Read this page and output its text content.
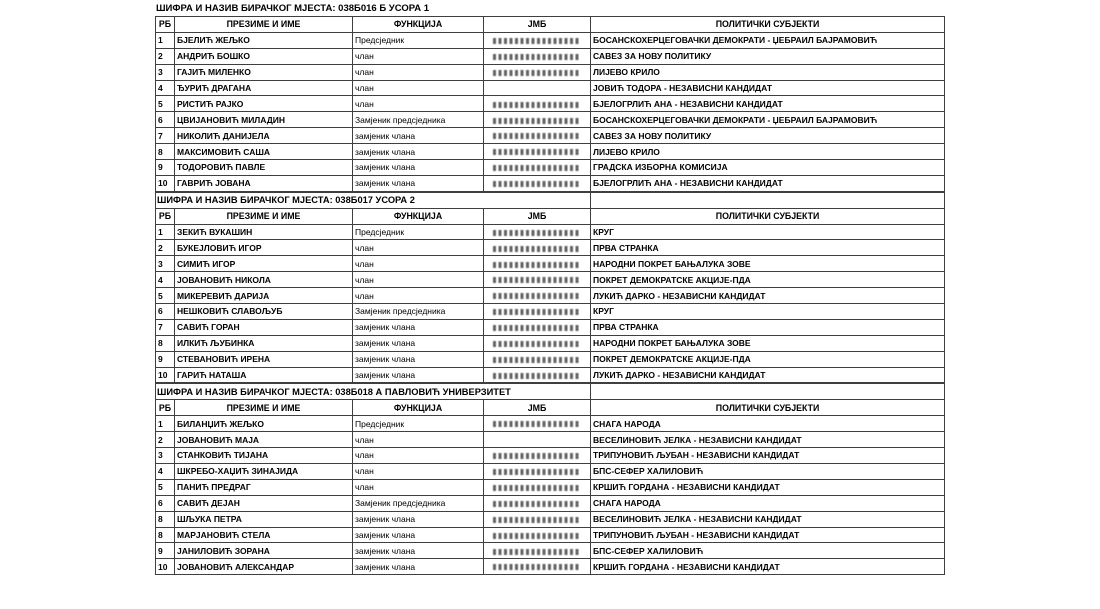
ШИФРА И НАЗИВ БИРАЧКОГ МЈЕСТА: 038Б016 Б УСОРА 1
РБ	ПРЕЗИМЕ И ИМЕ	ФУНКЦИЈА	ЈМБ	ПОЛИТИЧКИ СУБЈЕКТИ
1	БЈЕЛИЋ ЖЕЉКО	Предсједник		БОСАНСКОХЕРЦЕГОВАЧКИ ДЕМОКРАТИ - ЏЕБРАИЛ БАЈРАМОВИЋ
2	АНДРИЋ БОШКО	члан		САВЕЗ ЗА НОВУ ПОЛИТИКУ
3	ГАЈИЋ МИЛЕНКО	члан		ЛИЈЕВО КРИЛО
4	ЂУРИЋ ДРАГАНА	члан		ЈОВИЋ ТОДОРА - НЕЗАВИСНИ КАНДИДАТ
5	РИСТИЋ РАЈКО	члан		БЈЕЛОГРЛИЋ АНА - НЕЗАВИСНИ КАНДИДАТ
6	ЦВИЈАНОВИЋ МИЛАДИН	Замјеник предсједника		БОСАНСКОХЕРЦЕГОВАЧКИ ДЕМОКРАТИ - ЏЕБРАИЛ БАЈРАМОВИЋ
7	НИКОЛИЋ ДАНИЈЕЛА	замјеник члана		САВЕЗ ЗА НОВУ ПОЛИТИКУ
8	МАКСИМОВИЋ САША	замјеник члана		ЛИЈЕВО КРИЛО
9	ТОДОРОВИЋ ПАВЛЕ	замјеник члана		ГРАДСКА ИЗБОРНА КОМИСИЈА
10	ГАВРИЋ ЈОВАНА	замјеник члана		БЈЕЛОГРЛИЋ АНА - НЕЗАВИСНИ КАНДИДАТ
ШИФРА И НАЗИВ БИРАЧКОГ МЈЕСТА: 038Б017 УСОРА 2				
РБ	ПРЕЗИМЕ И ИМЕ	ФУНКЦИЈА	ЈМБ	ПОЛИТИЧКИ СУБЈЕКТИ
1	ЗЕКИЋ ВУКАШИН	Предсједник		КРУГ
2	БУКЕЈЛОВИЋ ИГОР	члан		ПРВА СТРАНКА
3	СИМИЋ ИГОР	члан		НАРОДНИ ПОКРЕТ БАЊАЛУКА ЗОВЕ
4	ЈОВАНОВИЋ НИКОЛА	члан		ПОКРЕТ ДЕМОКРАТСКЕ АКЦИЈЕ-ПДА
5	МИКЕРЕВИЋ ДАРИЈА	члан		ЛУКИЋ ДАРКО - НЕЗАВИСНИ КАНДИДАТ
6	НЕШКОВИЋ СЛАВОЉУБ	Замјеник предсједника		КРУГ
7	САВИЋ ГОРАН	замјеник члана		ПРВА СТРАНКА
8	ИЛКИЋ ЉУБИНКА	замјеник члана		НАРОДНИ ПОКРЕТ БАЊАЛУКА ЗОВЕ
9	СТЕВАНОВИЋ ИРЕНА	замјеник члана		ПОКРЕТ ДЕМОКРАТСКЕ АКЦИЈЕ-ПДА
10	ГАРИЋ НАТАША	замјеник члана		ЛУКИЋ ДАРКО - НЕЗАВИСНИ КАНДИДАТ
ШИФРА И НАЗИВ БИРАЧКОГ МЈЕСТА: 038Б018 А ПАВЛОВИЋ УНИВЕРЗИТЕТ				
РБ	ПРЕЗИМЕ И ИМЕ	ФУНКЦИЈА	ЈМБ	ПОЛИТИЧКИ СУБЈЕКТИ
1	БИЛАНЏИЋ ЖЕЉКО	Предсједник		СНАГА НАРОДА
2	ЈОВАНОВИЋ МАЈА	члан		ВЕСЕЛИНОВИЋ ЈЕЛКА - НЕЗАВИСНИ КАНДИДАТ
3	СТАНКОВИЋ ТИЈАНА	члан		ТРИПУНОВИЋ ЉУБАН - НЕЗАВИСНИ КАНДИДАТ
4	ШКРЕБО-ХАЏИЋ ЗИНАЈИДА	члан		БПС-СЕФЕР ХАЛИЛОВИЋ
5	ПАНИЋ ПРЕДРАГ	члан		КРШИЋ ГОРДАНА - НЕЗАВИСНИ КАНДИДАТ
6	САВИЋ ДЕЈАН	Замјеник предсједника		СНАГА НАРОДА
8	ШЉУКА ПЕТРА	замјеник члана		ВЕСЕЛИНОВИЋ ЈЕЛКА - НЕЗАВИСНИ КАНДИДАТ
8	МАРЈАНОВИЋ СТЕЛА	замјеник члана		ТРИПУНОВИЋ ЉУБАН - НЕЗАВИСНИ КАНДИДАТ
9	ЈАНИЛОВИЋ ЗОРАНА	замјеник члана		БПС-СЕФЕР ХАЛИЛОВИЋ
10	ЈОВАНОВИЋ АЛЕКСАНДАР	замјеник члана		КРШИЋ ГОРДАНА - НЕЗАВИСНИ КАНДИДАТ
